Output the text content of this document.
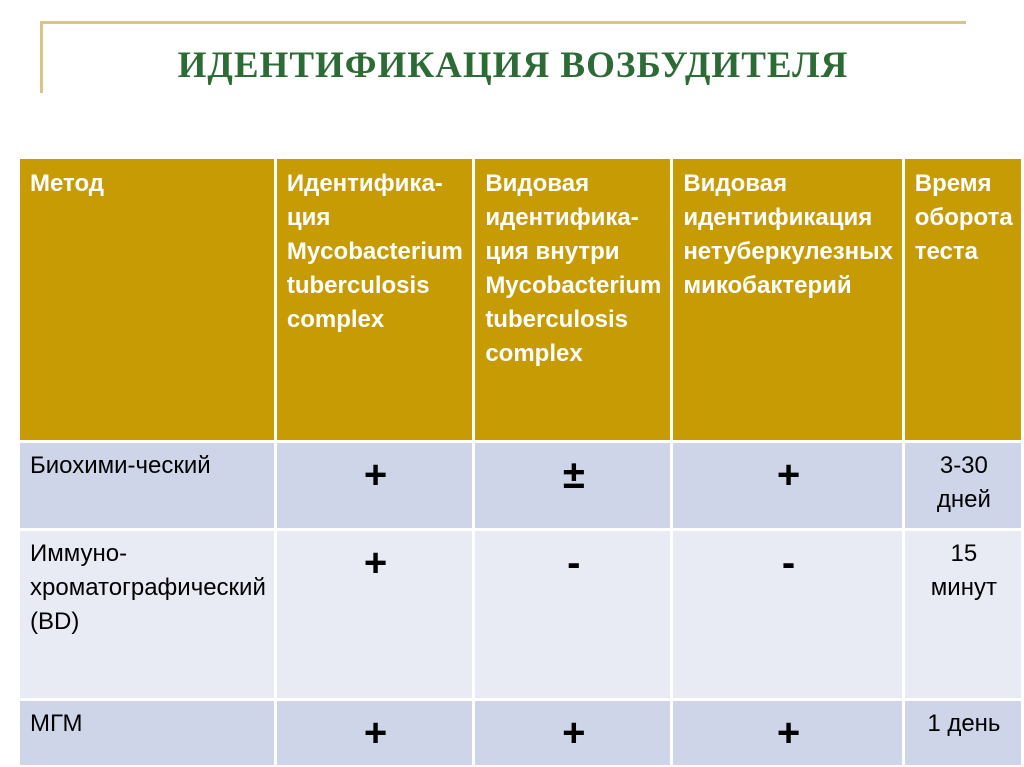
ИДЕНТИФИКАЦИЯ ВОЗБУДИТЕЛЯ
Метод	Идентифика-ция Mycobacterium tuberculosis complex	Видовая идентифика-ция внутри Mycobacterium tuberculosis complex	Видовая идентификация нетуберкулезных микобактерий	Время оборота теста
Биохими-ческий	+	±	+	3-30 дней
Иммуно-хроматографический (BD)	+	-	-	15 минут
МГМ	+	+	+	1 день
